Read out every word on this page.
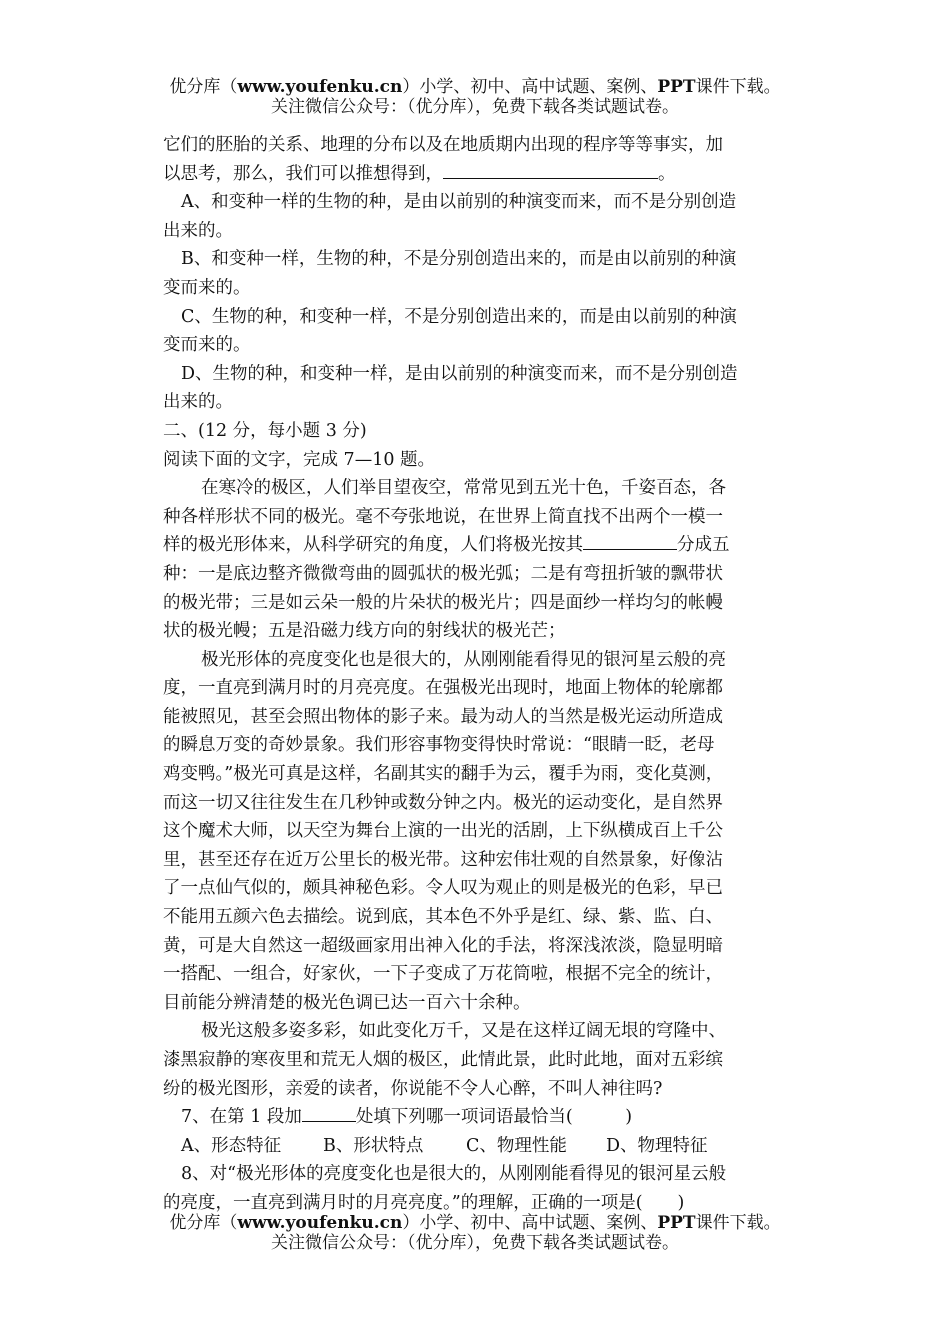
优分库（www.youfenku.cn）小学、初中、高中试题、案例、PPT课件下载。
关注微信公众号：（优分库），免费下载各类试题试卷。
它们的胚胎的关系、地理的分布以及在地质期内出现的程序等等事实，加
以思考，那么，我们可以推想得到，	。
A、和变种一样的生物的种，是由以前别的种演变而来，而不是分别创造
出来的。
B、和变种一样，生物的种，不是分别创造出来的，而是由以前别的种演
变而来的。
C、生物的种，和变种一样，不是分别创造出来的，而是由以前别的种演
变而来的。
D、生物的种，和变种一样，是由以前别的种演变而来，而不是分别创造
出来的。
二、(12 分，每小题 3 分)
阅读下面的文字，完成 7—10 题。
在寒冷的极区，人们举目望夜空，常常见到五光十色，千姿百态，各
种各样形状不同的极光。毫不夸张地说，在世界上简直找不出两个一模一
样的极光形体来，从科学研究的角度，人们将极光按其	分成五
种：一是底边整齐微微弯曲的圆弧状的极光弧；二是有弯扭折皱的飘带状
的极光带；三是如云朵一般的片朵状的极光片；四是面纱一样均匀的帐幔
状的极光幔；五是沿磁力线方向的射线状的极光芒；
极光形体的亮度变化也是很大的，从刚刚能看得见的银河星云般的亮
度，一直亮到满月时的月亮亮度。在强极光出现时，地面上物体的轮廓都
能被照见，甚至会照出物体的影子来。最为动人的当然是极光运动所造成
的瞬息万变的奇妙景象。我们形容事物变得快时常说：“眼睛一眨，老母
鸡变鸭。”极光可真是这样，名副其实的翻手为云，覆手为雨，变化莫测，
而这一切又往往发生在几秒钟或数分钟之内。极光的运动变化，是自然界
这个魔术大师，以天空为舞台上演的一出光的活剧，上下纵横成百上千公
里，甚至还存在近万公里长的极光带。这种宏伟壮观的自然景象，好像沾
了一点仙气似的，颇具神秘色彩。令人叹为观止的则是极光的色彩，早已
不能用五颜六色去描绘。说到底，其本色不外乎是红、绿、紫、监、白、
黄，可是大自然这一超级画家用出神入化的手法，将深浅浓淡，隐显明暗
一搭配、一组合，好家伙，一下子变成了万花筒啦，根据不完全的统计，
目前能分辨清楚的极光色调已达一百六十余种。
极光这般多姿多彩，如此变化万千，又是在这样辽阔无垠的穹隆中、
漆黑寂静的寒夜里和荒无人烟的极区，此情此景，此时此地，面对五彩缤
纷的极光图形，亲爱的读者，你说能不令人心醉，不叫人神往吗?
7、在第 1 段加	处填下列哪一项词语最恰当(　　　)
A、形态特征 B、形状特点 C、物理性能 D、物理特征
8、对“极光形体的亮度变化也是很大的，从刚刚能看得见的银河星云般
的亮度，一直亮到满月时的月亮亮度。”的理解，正确的一项是(　　)
优分库（www.youfenku.cn）小学、初中、高中试题、案例、PPT课件下载。
关注微信公众号：（优分库），免费下载各类试题试卷。
